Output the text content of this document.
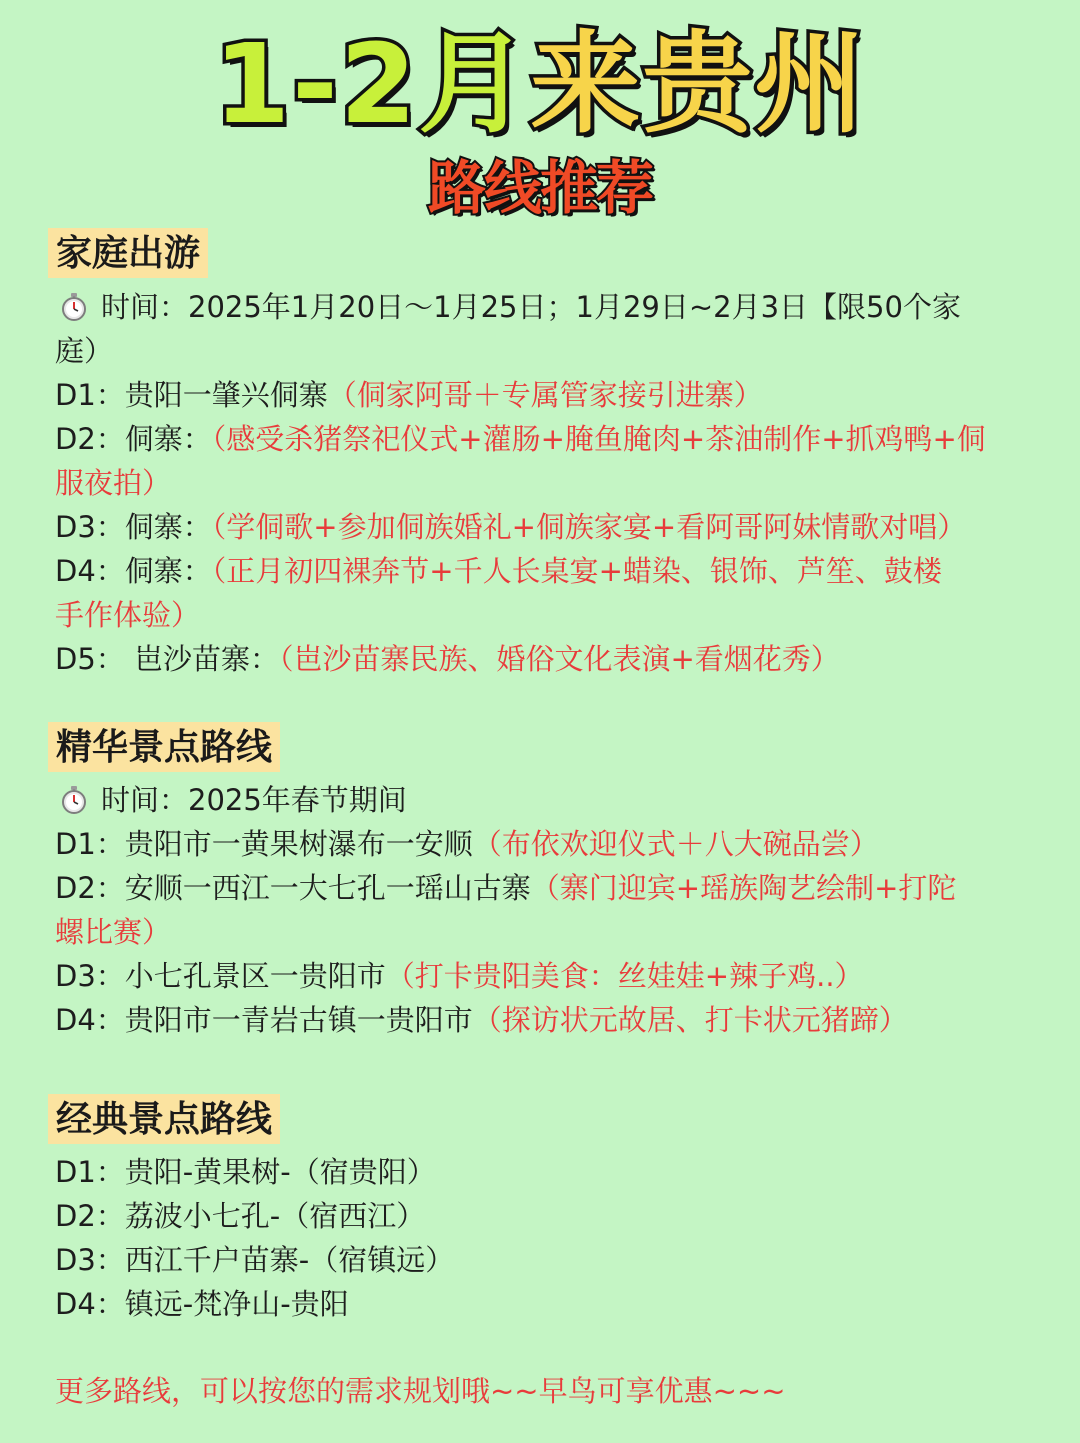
1-2月来贵州
路线推荐
家庭出游
时间：2025年1月20日～1月25日；1月29日~2月3日【限50个家
庭）
D1：贵阳一肇兴侗寨（侗家阿哥＋专属管家接引进寨）
D2：侗寨：（感受杀猪祭祀仪式+灌肠+腌鱼腌肉+茶油制作+抓鸡鸭+侗
服夜拍）
D3：侗寨：（学侗歌+参加侗族婚礼+侗族家宴+看阿哥阿妹情歌对唱）
D4：侗寨：（正月初四裸奔节+千人长桌宴+蜡染、银饰、芦笙、鼓楼
手作体验）
D5： 岜沙苗寨：（岜沙苗寨民族、婚俗文化表演+看烟花秀）
精华景点路线
时间：2025年春节期间
D1：贵阳市一黄果树瀑布一安顺（布依欢迎仪式＋八大碗品尝）
D2：安顺一西江一大七孔一瑶山古寨（寨门迎宾+瑶族陶艺绘制+打陀
螺比赛）
D3：小七孔景区一贵阳市（打卡贵阳美食：丝娃娃+辣子鸡..）
D4：贵阳市一青岩古镇一贵阳市（探访状元故居、打卡状元猪蹄）
经典景点路线
D1：贵阳-黄果树-（宿贵阳）
D2：荔波小七孔-（宿西江）
D3：西江千户苗寨-（宿镇远）
D4：镇远-梵净山-贵阳
更多路线，可以按您的需求规划哦~~早鸟可享优惠~~~
